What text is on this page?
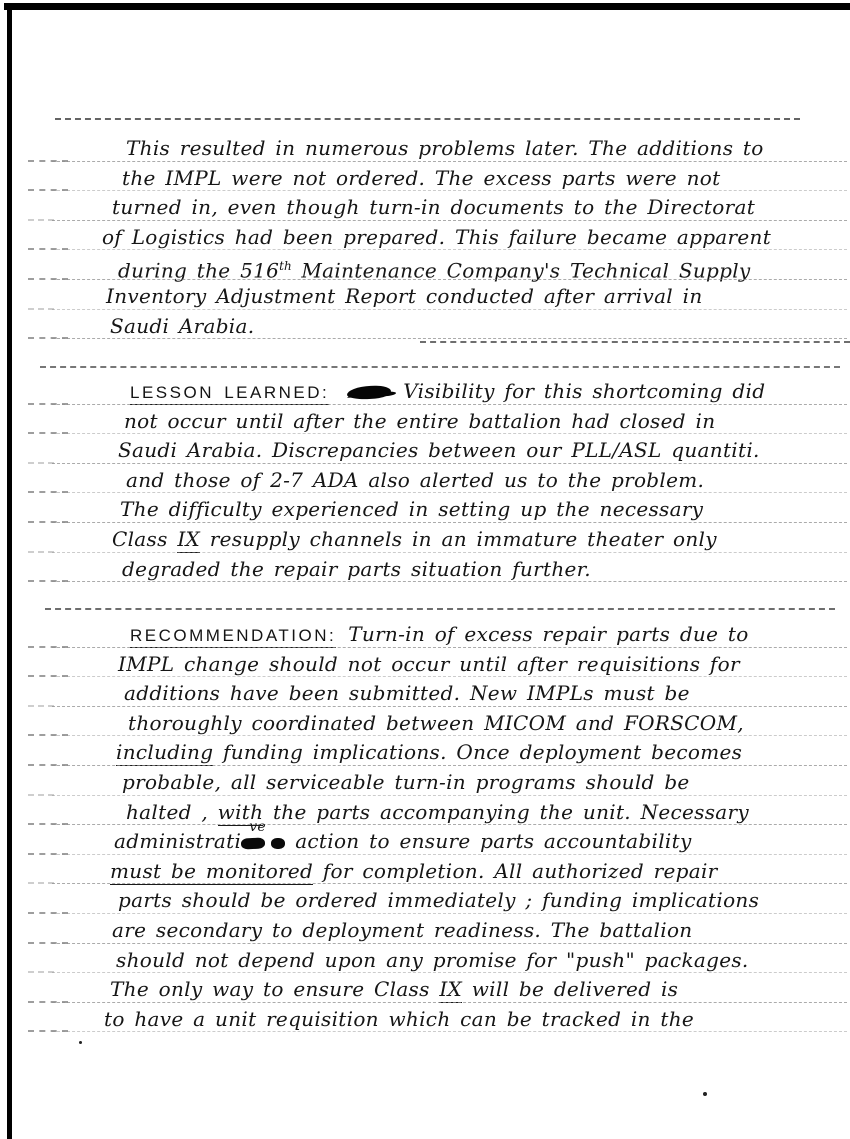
This resulted in numerous problems later. The additions to
the IMPL were not ordered. The excess parts were not
turned in, even though turn-in documents to the Directorat
of Logistics had been prepared. This failure became apparent
during the 516th Maintenance Company's Technical Supply
Inventory Adjustment Report conducted after arrival in
Saudi Arabia.
LESSON LEARNED:	Visibility for this shortcoming did
not occur until after the entire battalion had closed in
Saudi Arabia. Discrepancies between our PLL/ASL quantiti.
and those of 2-7 ADA also alerted us to the problem.
The difficulty experienced in setting up the necessary
Class IX resupply channels in an immature theater only
degraded the repair parts situation further.
RECOMMENDATION: Turn-in of excess repair parts due to
IMPL change should not occur until after requisitions for
additions have been submitted. New IMPLs must be
thoroughly coordinated between MICOM and FORSCOM,
including funding implications. Once deployment becomes
probable, all serviceable turn-in programs should be
halted , with the parts accompanying the unit. Necessary
administrati
ve
action to ensure parts accountability
must be monitored for completion. All authorized repair
parts should be ordered immediately ; funding implications
are secondary to deployment readiness. The battalion
should not depend upon any promise for "push" packages.
The only way to ensure Class IX will be delivered is
to have a unit requisition which can be tracked in the
